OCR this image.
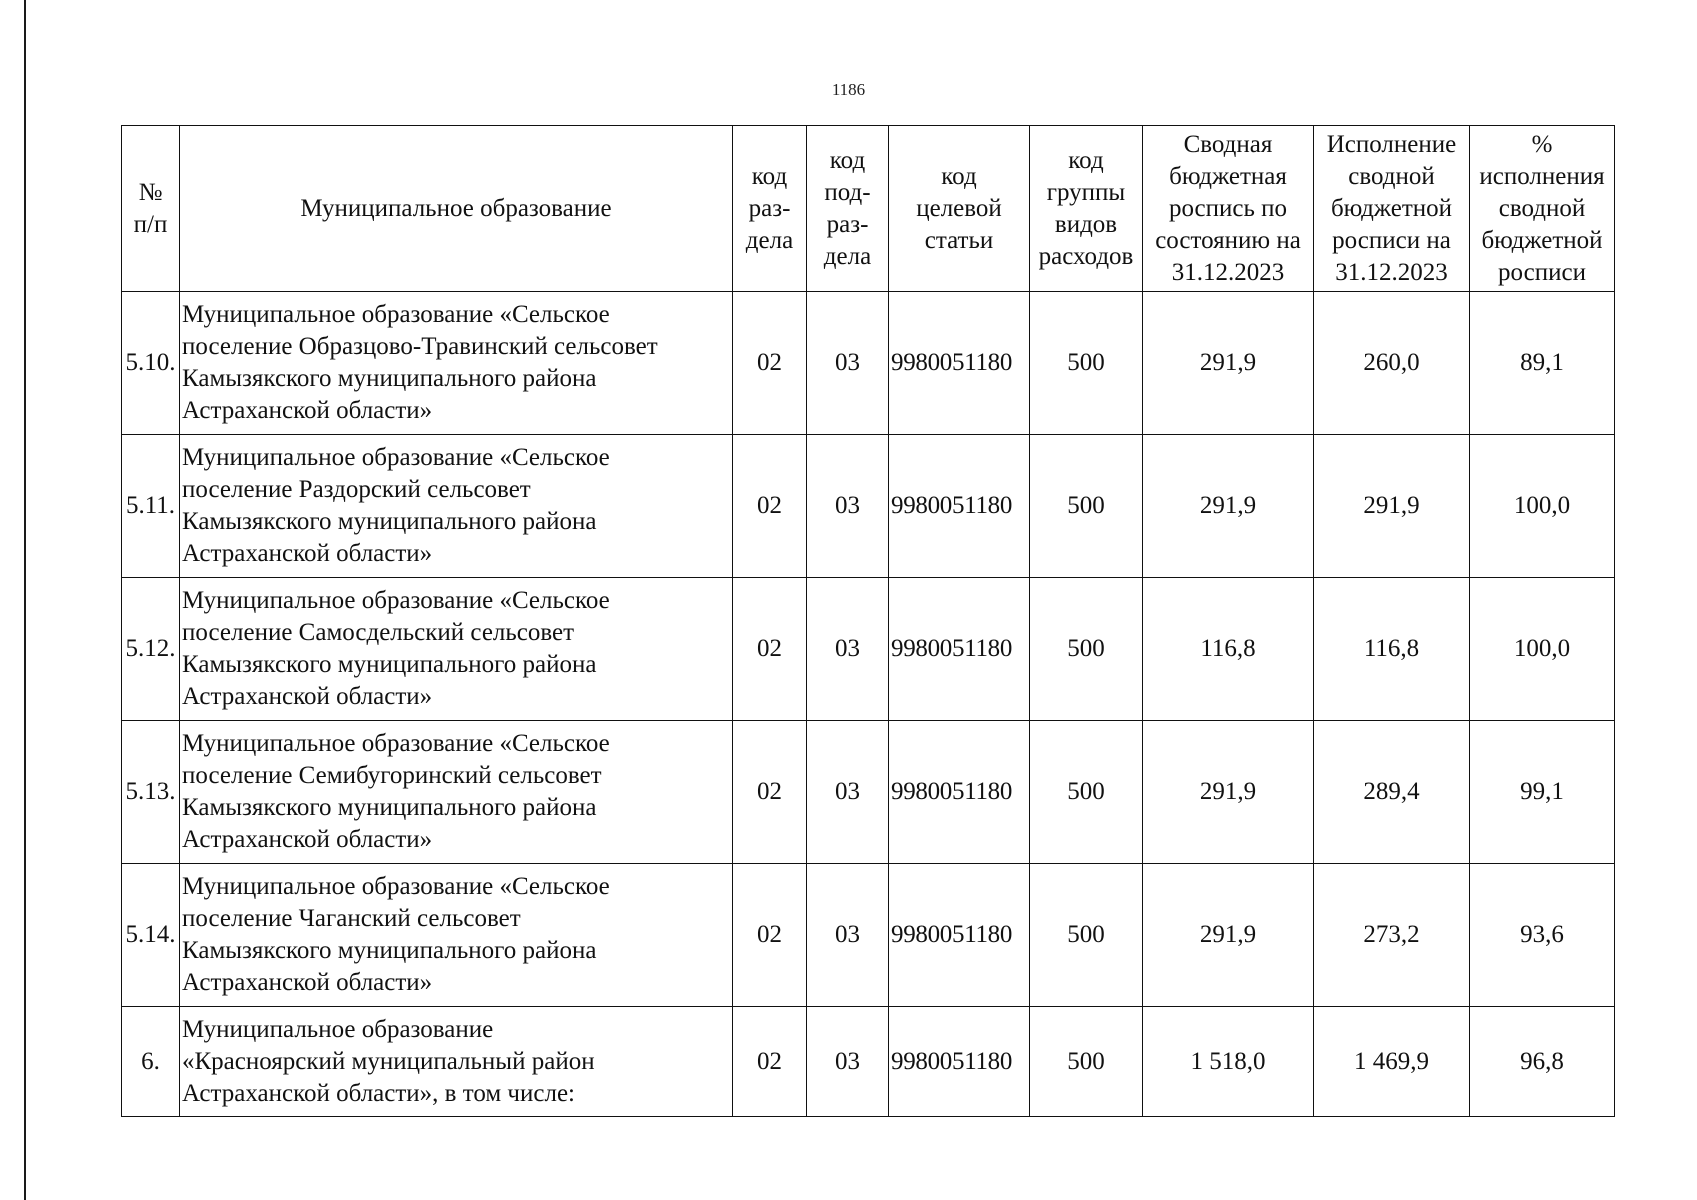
1186
№
п/п	Муниципальное образование	код
раз-
дела	код
под-
раз-
дела	код
целевой
статьи	код
группы
видов
расходов	Сводная
бюджетная
роспись по
состоянию на
31.12.2023	Исполнение
сводной
бюджетной
росписи на
31.12.2023	%
исполнения
сводной
бюджетной
росписи
5.10.	Муниципальное образование «Сельское
поселение Образцово-Травинский сельсовет
Камызякского муниципального района
Астраханской области»	02	03	9980051180	500	291,9	260,0	89,1
5.11.	Муниципальное образование «Сельское
поселение Раздорский сельсовет
Камызякского муниципального района
Астраханской области»	02	03	9980051180	500	291,9	291,9	100,0
5.12.	Муниципальное образование «Сельское
поселение Самосдельский сельсовет
Камызякского муниципального района
Астраханской области»	02	03	9980051180	500	116,8	116,8	100,0
5.13.	Муниципальное образование «Сельское
поселение Семибугоринский сельсовет
Камызякского муниципального района
Астраханской области»	02	03	9980051180	500	291,9	289,4	99,1
5.14.	Муниципальное образование «Сельское
поселение Чаганский сельсовет
Камызякского муниципального района
Астраханской области»	02	03	9980051180	500	291,9	273,2	93,6
6.	Муниципальное образование
«Красноярский муниципальный район
Астраханской области», в том числе:	02	03	9980051180	500	1 518,0	1 469,9	96,8
